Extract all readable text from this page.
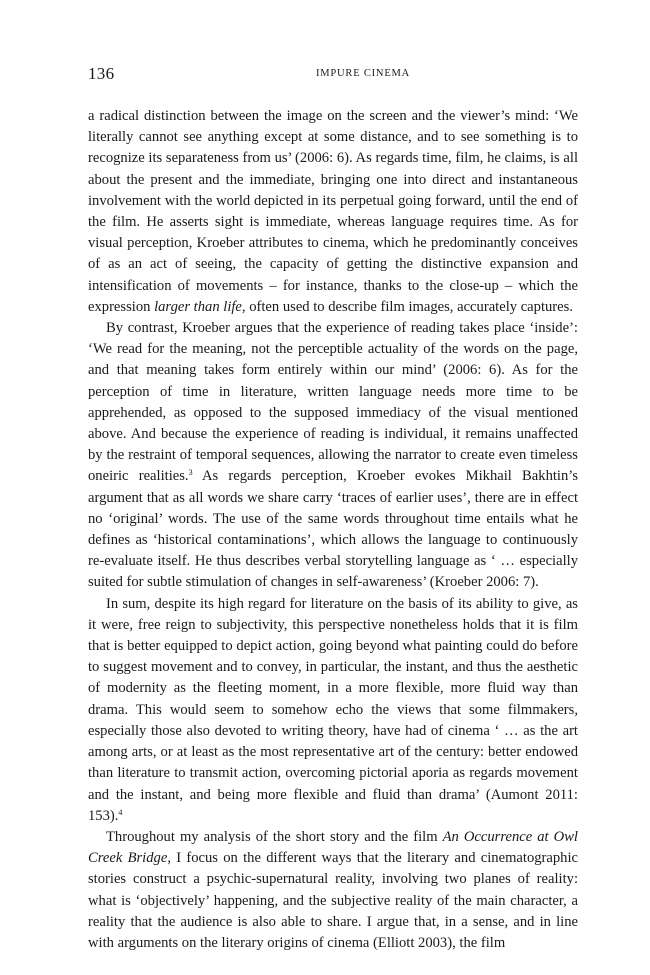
136	IMPURE CINEMA

a radical distinction between the image on the screen and the viewer’s mind: ‘We literally cannot see anything except at some distance, and to see something is to recognize its separateness from us’ (2006: 6). As regards time, film, he claims, is all about the present and the immediate, bringing one into direct and instantaneous involvement with the world depicted in its perpetual going forward, until the end of the film. He asserts sight is immediate, whereas language requires time. As for visual perception, Kroeber attributes to cinema, which he predominantly conceives of as an act of seeing, the capacity of getting the distinctive expansion and intensification of movements – for instance, thanks to the close-up – which the expression larger than life, often used to describe film images, accurately captures.

By contrast, Kroeber argues that the experience of reading takes place ‘inside’: ‘We read for the meaning, not the perceptible actuality of the words on the page, and that meaning takes form entirely within our mind’ (2006: 6). As for the perception of time in literature, written language needs more time to be apprehended, as opposed to the supposed immediacy of the visual mentioned above. And because the experience of reading is individual, it remains unaffected by the restraint of temporal sequences, allowing the narrator to create even timeless oneiric realities.$^3$ As regards perception, Kroeber evokes Mikhail Bakhtin’s argument that as all words we share carry ‘traces of earlier uses’, there are in effect no ‘original’ words. The use of the same words throughout time entails what he defines as ‘historical contaminations’, which allows the language to continuously re-evaluate itself. He thus describes verbal storytelling language as ‘ … especially suited for subtle stimulation of changes in self-awareness’ (Kroeber 2006: 7).

In sum, despite its high regard for literature on the basis of its ability to give, as it were, free reign to subjectivity, this perspective nonetheless holds that it is film that is better equipped to depict action, going beyond what painting could do before to suggest movement and to convey, in particular, the instant, and thus the aesthetic of modernity as the fleeting moment, in a more flexible, more fluid way than drama. This would seem to somehow echo the views that some filmmakers, especially those also devoted to writing theory, have had of cinema ‘ … as the art among arts, or at least as the most representative art of the century: better endowed than literature to transmit action, overcoming pictorial aporia as regards movement and the instant, and being more flexible and fluid than drama’ (Aumont 2011: 153).$^4$

Throughout my analysis of the short story and the film An Occurrence at Owl Creek Bridge, I focus on the different ways that the literary and cinematographic stories construct a psychic-supernatural reality, involving two planes of reality: what is ‘objectively’ happening, and the subjective reality of the main character, a reality that the audience is also able to share. I argue that, in a sense, and in line with arguments on the literary origins of cinema (Elliott 2003), the film
